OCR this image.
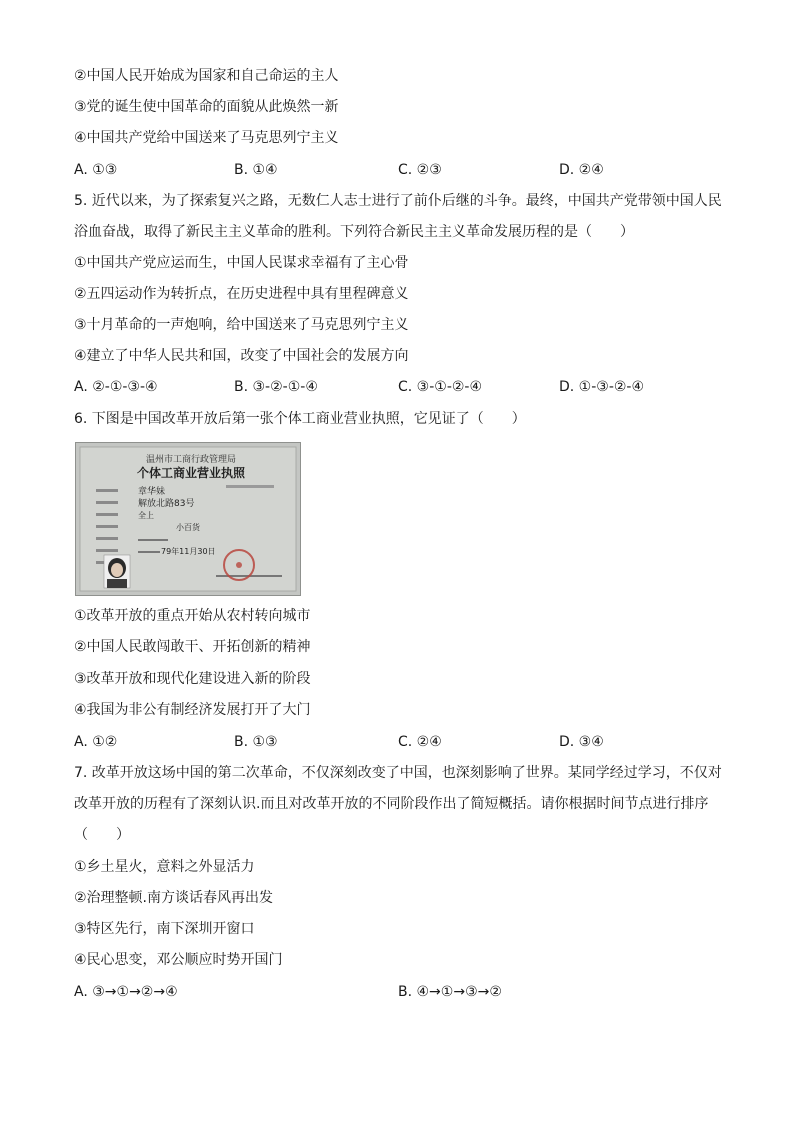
②中国人民开始成为国家和自己命运的主人
③党的诞生使中国革命的面貌从此焕然一新
④中国共产党给中国送来了马克思列宁主义
A. ①③	B. ①④	C. ②③	D. ②④
5. 近代以来，为了探索复兴之路，无数仁人志士进行了前仆后继的斗争。最终，中国共产党带领中国人民
浴血奋战，取得了新民主主义革命的胜利。下列符合新民主主义革命发展历程的是（　　）
①中国共产党应运而生，中国人民谋求幸福有了主心骨
②五四运动作为转折点，在历史进程中具有里程碑意义
③十月革命的一声炮响，给中国送来了马克思列宁主义
④建立了中华人民共和国，改变了中国社会的发展方向
A. ②-①-③-④	B. ③-②-①-④	C. ③-①-②-④	D. ①-③-②-④
6. 下图是中国改革开放后第一张个体工商业营业执照，它见证了（　　）
温州市工商行政管理局
个体工商业营业执照
章华妹
解放北路83号
全上
小百货
79年11月30日
①改革开放的重点开始从农村转向城市
②中国人民敢闯敢干、开拓创新的精神
③改革开放和现代化建设进入新的阶段
④我国为非公有制经济发展打开了大门
A. ①②	B. ①③	C. ②④	D. ③④
7. 改革开放这场中国的第二次革命，不仅深刻改变了中国，也深刻影响了世界。某同学经过学习，不仅对
改革开放的历程有了深刻认识.而且对改革开放的不同阶段作出了简短概括。请你根据时间节点进行排序
（　　）
①乡土星火，意料之外显活力
②治理整顿.南方谈话春风再出发
③特区先行，南下深圳开窗口
④民心思变，邓公顺应时势开国门
A. ③→①→②→④	B. ④→①→③→②
